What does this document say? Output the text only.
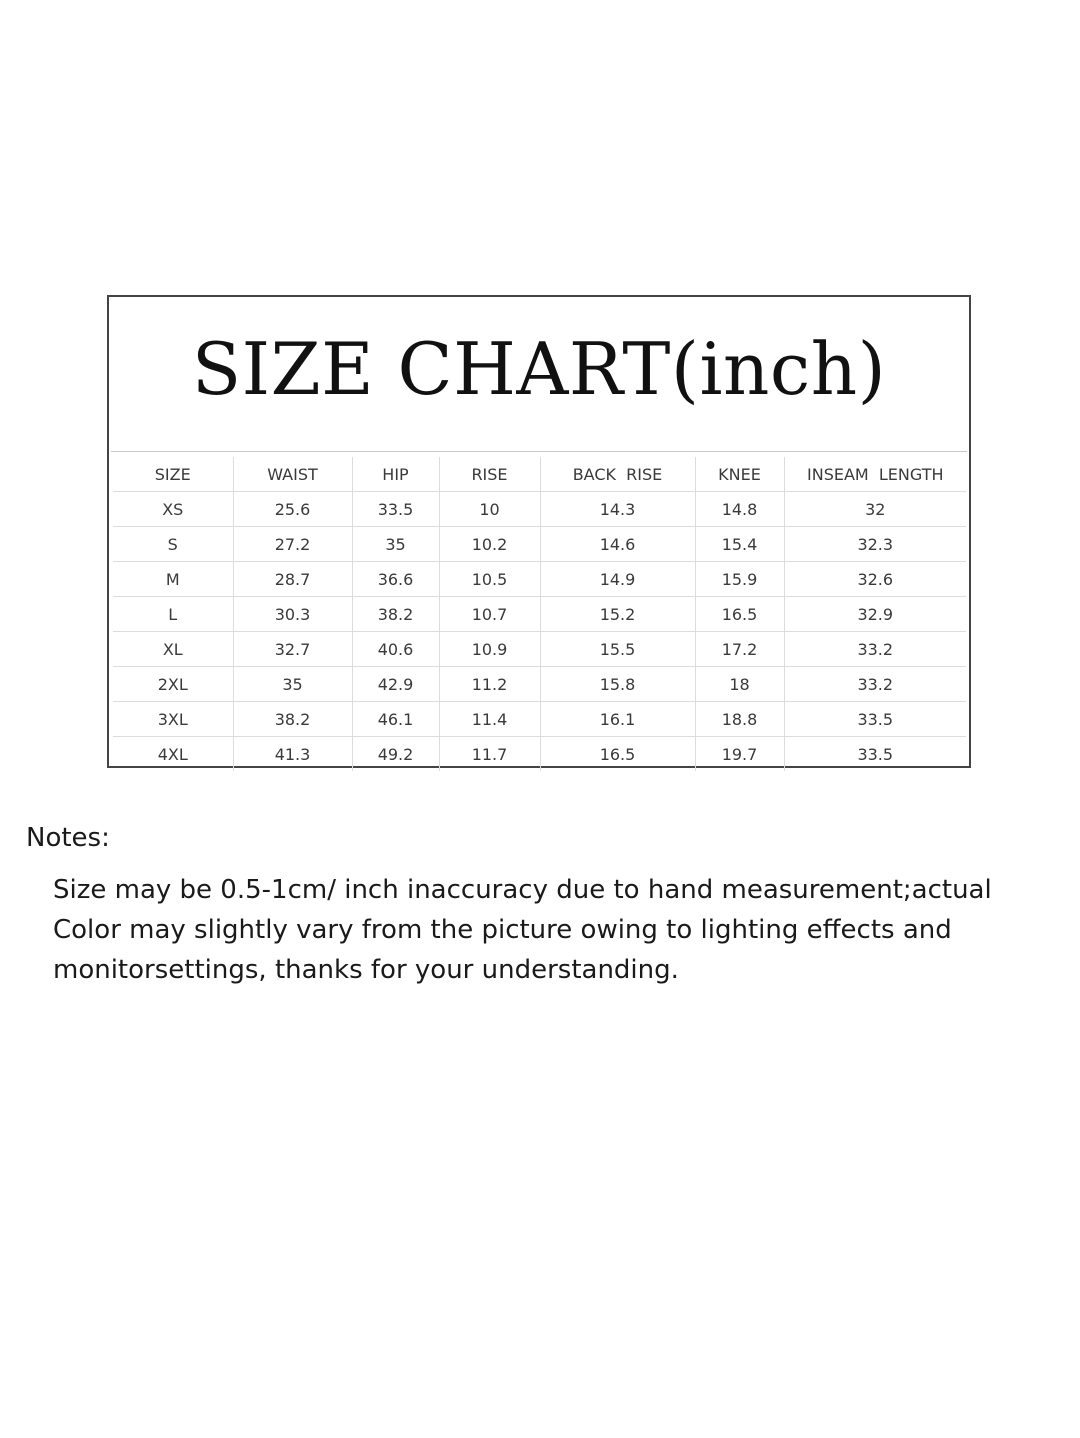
SIZE CHART(inch)
SIZE	WAIST	HIP	RISE	BACK  RISE	KNEE	INSEAM  LENGTH
XS	25.6	33.5	10	14.3	14.8	32
S	27.2	35	10.2	14.6	15.4	32.3
M	28.7	36.6	10.5	14.9	15.9	32.6
L	30.3	38.2	10.7	15.2	16.5	32.9
XL	32.7	40.6	10.9	15.5	17.2	33.2
2XL	35	42.9	11.2	15.8	18	33.2
3XL	38.2	46.1	11.4	16.1	18.8	33.5
4XL	41.3	49.2	11.7	16.5	19.7	33.5
Notes:
Size may be 0.5-1cm/ inch inaccuracy due to hand measurement;actual
Color may slightly vary from the picture owing to lighting effects and
monitorsettings, thanks for your understanding.
